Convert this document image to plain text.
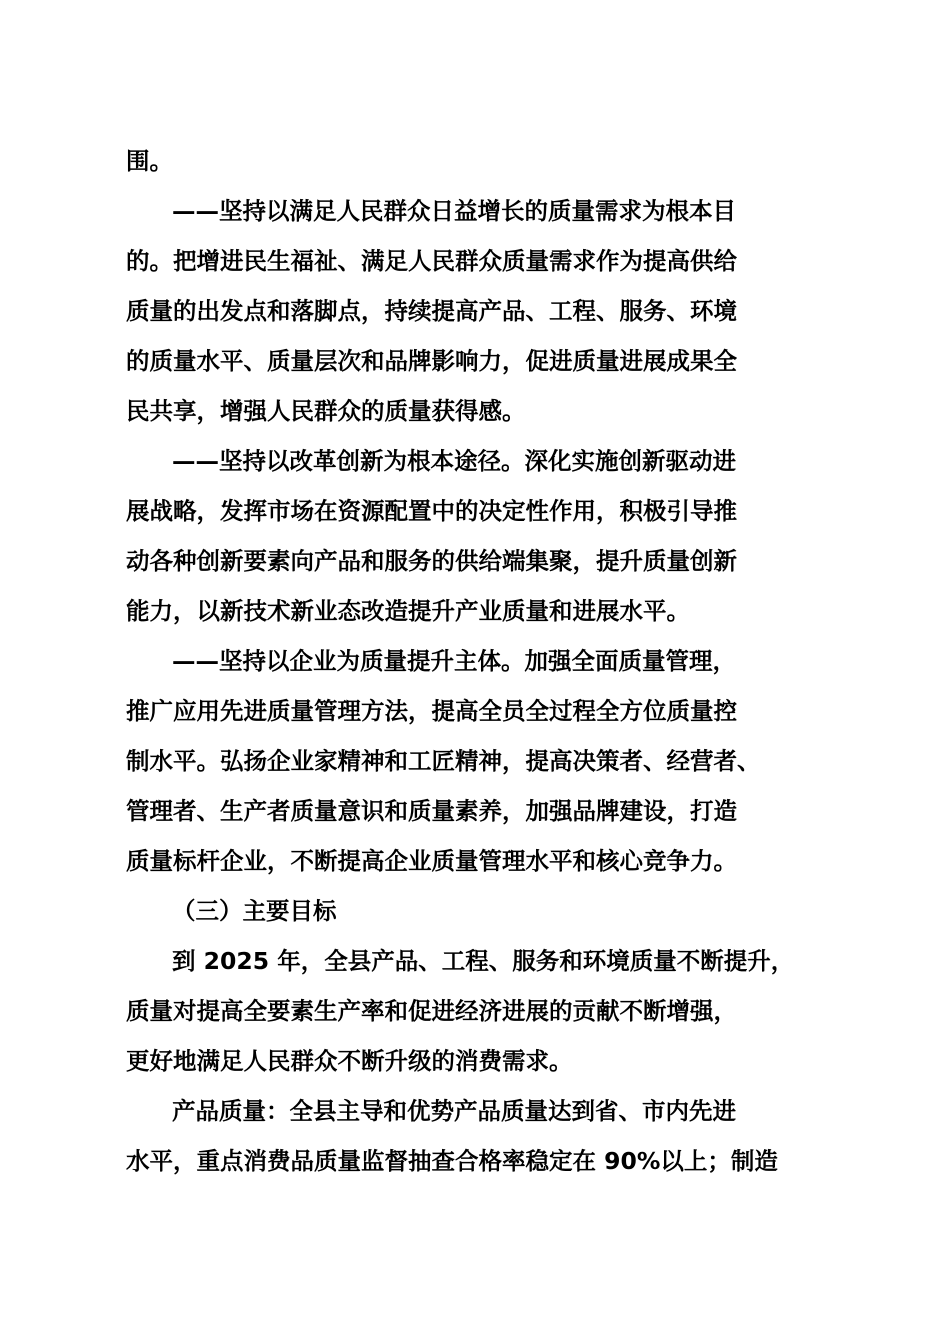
围。
——坚持以满足人民群众日益增长的质量需求为根本目
的。把增进民生福祉、满足人民群众质量需求作为提高供给
质量的出发点和落脚点，持续提高产品、工程、服务、环境
的质量水平、质量层次和品牌影响力，促进质量进展成果全
民共享，增强人民群众的质量获得感。
——坚持以改革创新为根本途径。深化实施创新驱动进
展战略，发挥市场在资源配置中的决定性作用，积极引导推
动各种创新要素向产品和服务的供给端集聚，提升质量创新
能力，以新技术新业态改造提升产业质量和进展水平。
——坚持以企业为质量提升主体。加强全面质量管理，
推广应用先进质量管理方法，提高全员全过程全方位质量控
制水平。弘扬企业家精神和工匠精神，提高决策者、经营者、
管理者、生产者质量意识和质量素养，加强品牌建设，打造
质量标杆企业，不断提高企业质量管理水平和核心竞争力。
（三）主要目标
到 2025 年，全县产品、工程、服务和环境质量不断提升，
质量对提高全要素生产率和促进经济进展的贡献不断增强，
更好地满足人民群众不断升级的消费需求。
产品质量：全县主导和优势产品质量达到省、市内先进
水平，重点消费品质量监督抽查合格率稳定在 90%以上；制造
